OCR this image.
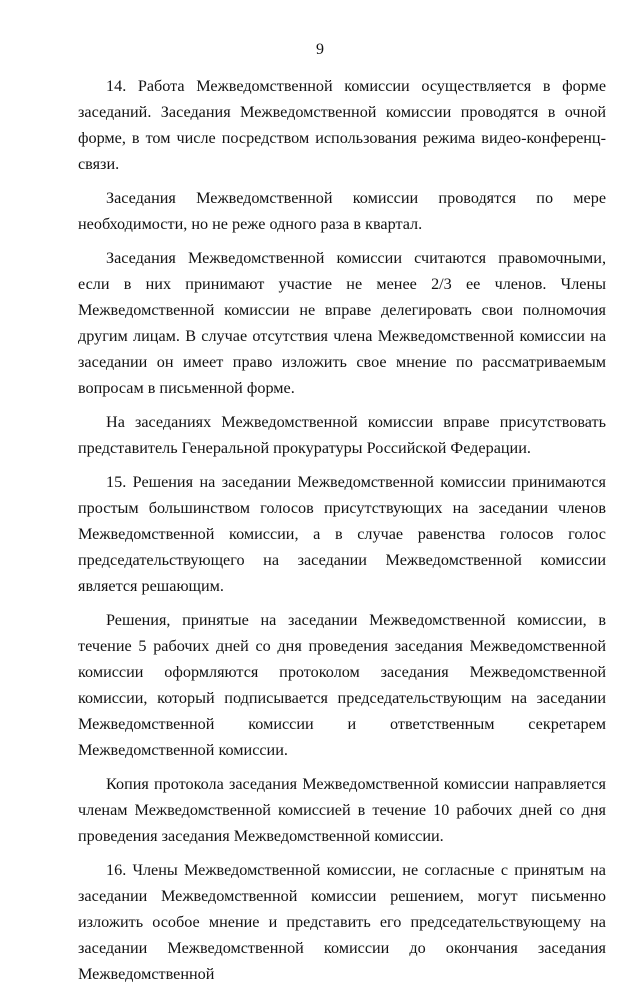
9

14. Работа Межведомственной комиссии осуществляется в форме заседаний. Заседания Межведомственной комиссии проводятся в очной форме, в том числе посредством использования режима видео-конференц-связи.

Заседания Межведомственной комиссии проводятся по мере необходимости, но не реже одного раза в квартал.

Заседания Межведомственной комиссии считаются правомочными, если в них принимают участие не менее 2/3 ее членов. Члены Межведомственной комиссии не вправе делегировать свои полномочия другим лицам. В случае отсутствия члена Межведомственной комиссии на заседании он имеет право изложить свое мнение по рассматриваемым вопросам в письменной форме.

На заседаниях Межведомственной комиссии вправе присутствовать представитель Генеральной прокуратуры Российской Федерации.

15. Решения на заседании Межведомственной комиссии принимаются простым большинством голосов присутствующих на заседании членов Межведомственной комиссии, а в случае равенства голосов голос председательствующего на заседании Межведомственной комиссии является решающим.

Решения, принятые на заседании Межведомственной комиссии, в течение 5 рабочих дней со дня проведения заседания Межведомственной комиссии оформляются протоколом заседания Межведомственной комиссии, который подписывается председательствующим на заседании Межведомственной комиссии и ответственным секретарем Межведомственной комиссии.

Копия протокола заседания Межведомственной комиссии направляется членам Межведомственной комиссией в течение 10 рабочих дней со дня проведения заседания Межведомственной комиссии.

16. Члены Межведомственной комиссии, не согласные с принятым на заседании Межведомственной комиссии решением, могут письменно изложить особое мнение и представить его председательствующему на заседании Межведомственной комиссии до окончания заседания Межведомственной
